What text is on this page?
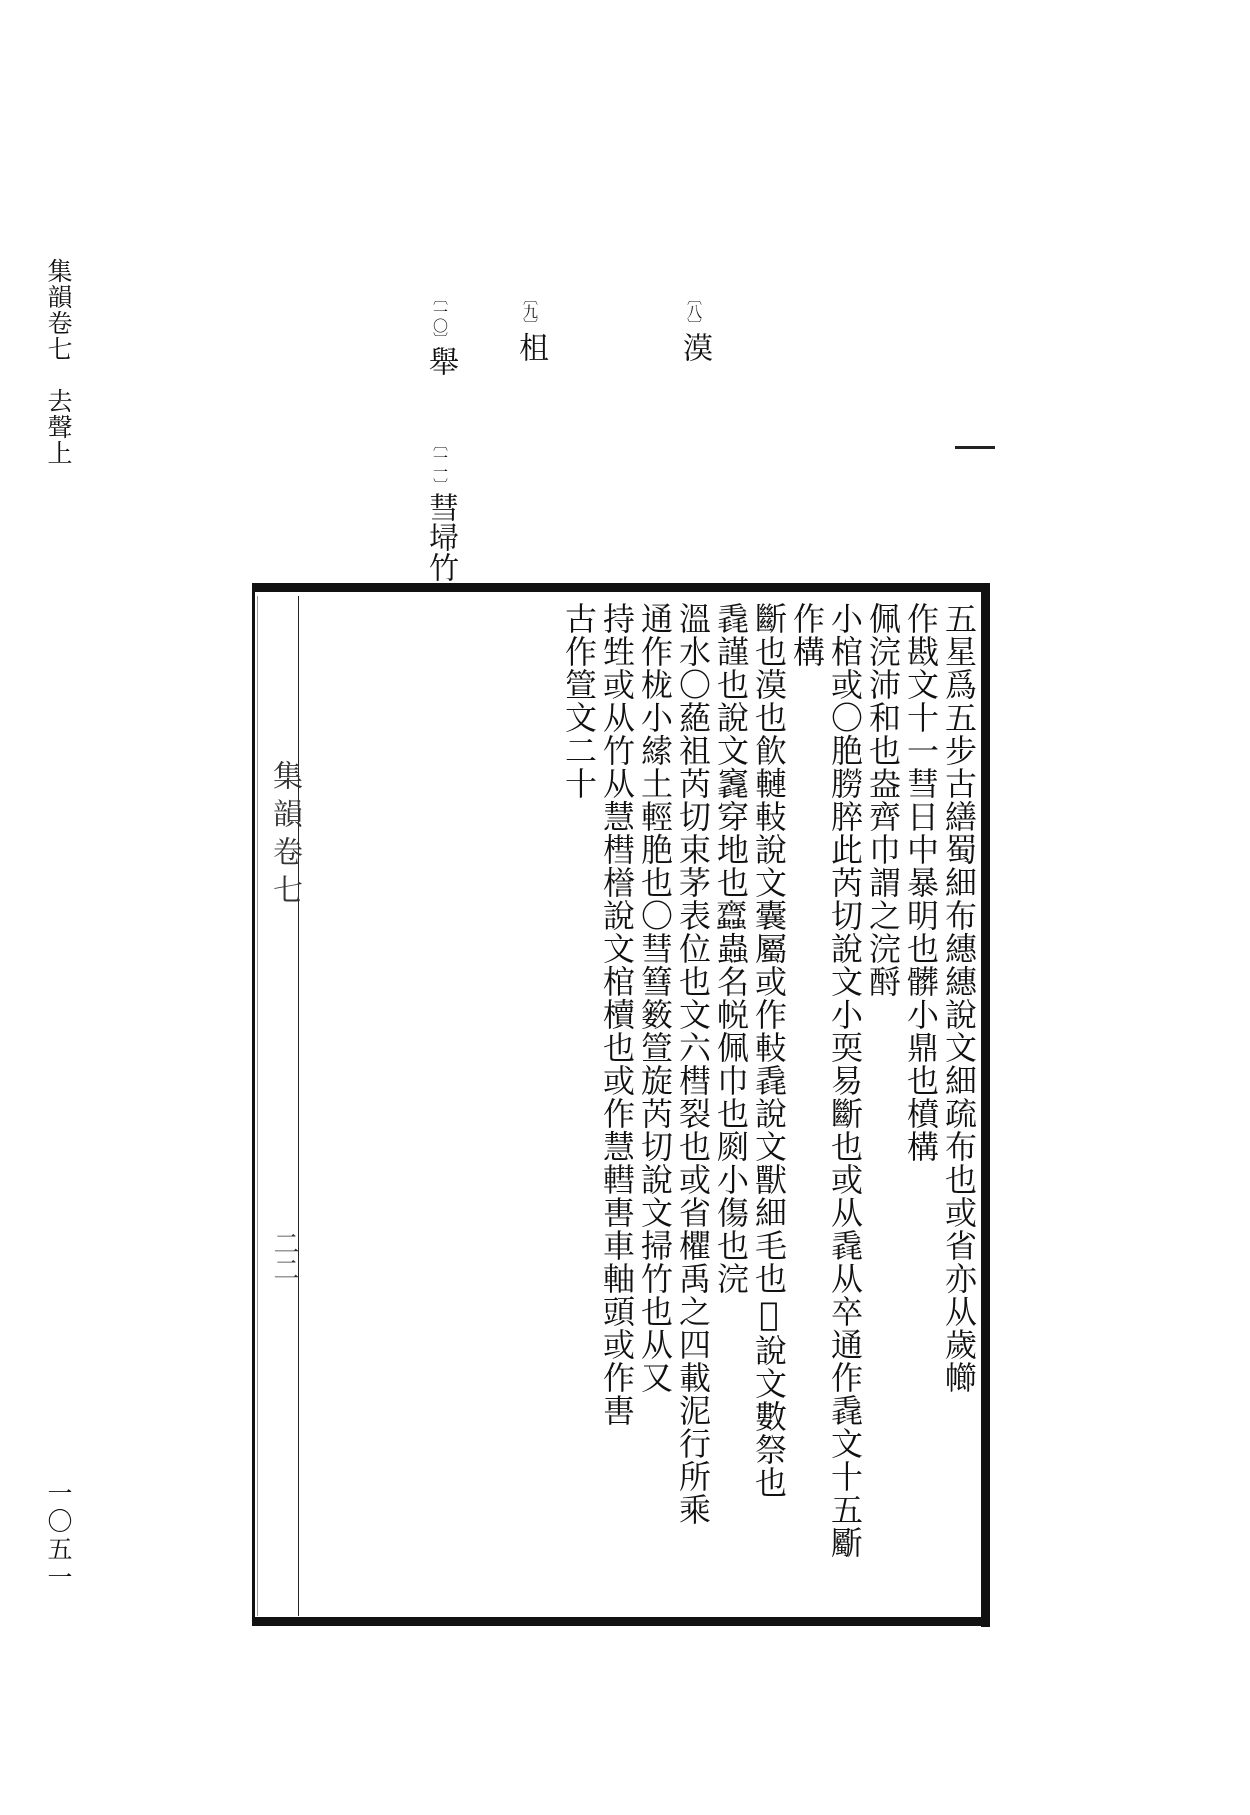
集韻卷七　去聲上
一〇五一
〔八〕漠
〔九〕柤
〔一〇〕舉
〔一一〕彗埽竹
集韻卷七
二二	五星爲五步古繕蜀細布繐繐說文細疏布也或省亦从歲幯
作戡文十一彗日中暴明也髒小鼎也橨構
佩浣沛和也盎齊巾謂之浣酹
小棺或〇脃朥脺此芮切說文小耎易斷也或从毳从卒通作毳文十五斸
作構
斷也漠也飮轋軙說文囊屬或作軙毳說文獸細毛也𣮨說文數祭也
毳謹也說文竁穿地也𧖊蟲名帨佩巾也㓹小傷也浣
溫水〇蕝祖芮切束茅表位也文六槥裂也或省欋禹之四載泥行所乘
通作栊小䌇土輕脃也〇彗篲䉤箮旋芮切說文掃竹也从又
持甡或从竹从慧槥𣚞說文棺櫝也或作慧轊軎車軸頭或作軎
古作箮文二十
